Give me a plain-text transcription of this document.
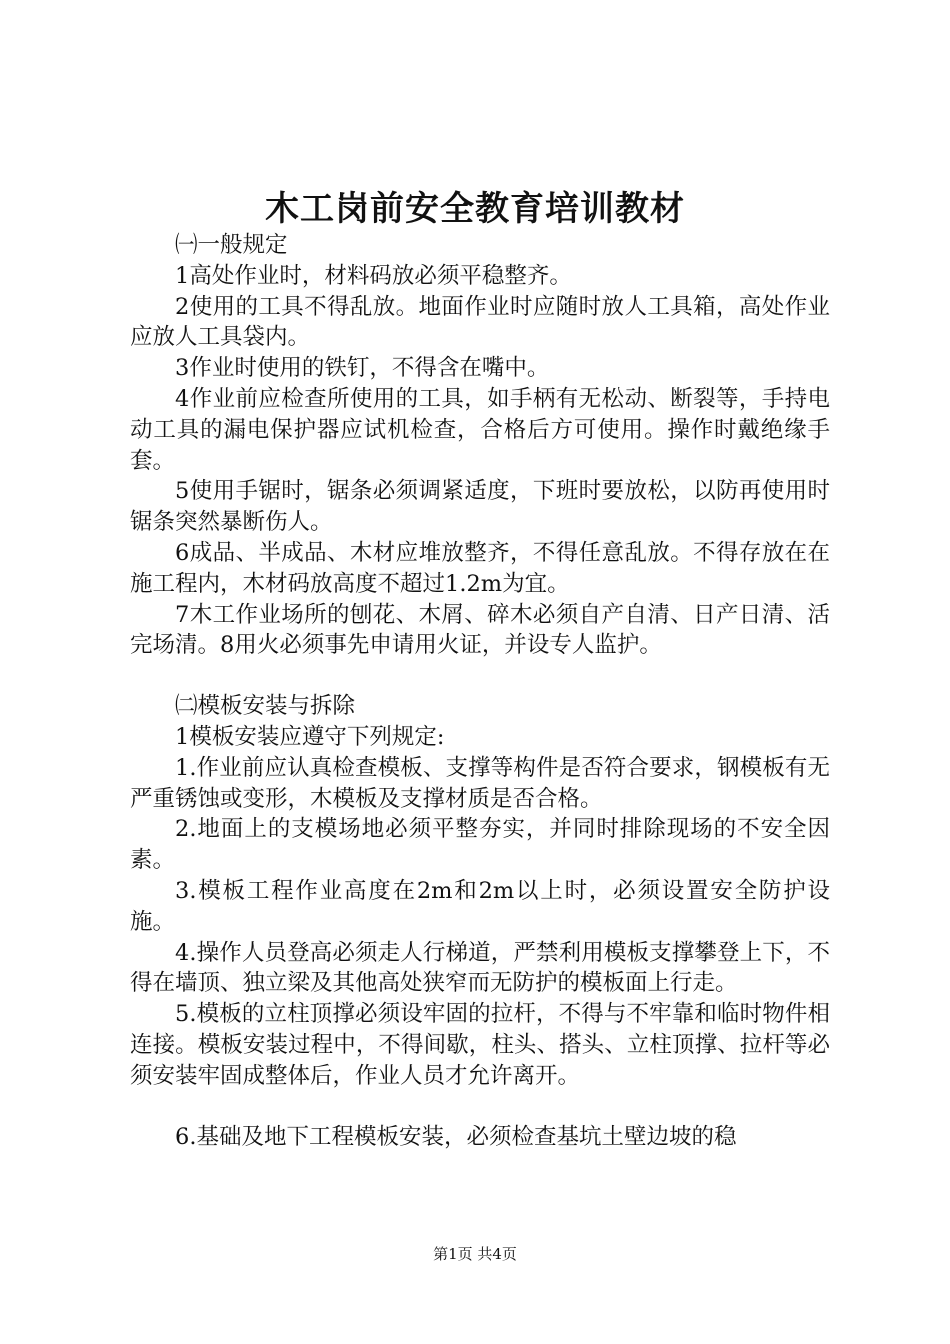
木工岗前安全教育培训教材

㈠一般规定

1高处作业时，材料码放必须平稳整齐。

2使用的工具不得乱放。地面作业时应随时放人工具箱，高处作业应放人工具袋内。

3作业时使用的铁钉，不得含在嘴中。

4作业前应检查所使用的工具，如手柄有无松动、断裂等，手持电动工具的漏电保护器应试机检查，合格后方可使用。操作时戴绝缘手套。

5使用手锯时，锯条必须调紧适度，下班时要放松，以防再使用时锯条突然暴断伤人。

6成品、半成品、木材应堆放整齐，不得任意乱放。不得存放在在施工程内，木材码放高度不超过1.2m为宜。

7木工作业场所的刨花、木屑、碎木必须自产自清、日产日清、活完场清。8用火必须事先申请用火证，并设专人监护。

㈡模板安装与拆除

1模板安装应遵守下列规定:

1.作业前应认真检查模板、支撑等构件是否符合要求，钢模板有无严重锈蚀或变形，木模板及支撑材质是否合格。

2.地面上的支模场地必须平整夯实，并同时排除现场的不安全因素。

3.模板工程作业高度在2m和2m以上时，必须设置安全防护设施。

4.操作人员登高必须走人行梯道，严禁利用模板支撑攀登上下，不得在墙顶、独立梁及其他高处狭窄而无防护的模板面上行走。

5.模板的立柱顶撑必须设牢固的拉杆，不得与不牢靠和临时物件相连接。模板安装过程中，不得间歇，柱头、搭头、立柱顶撑、拉杆等必须安装牢固成整体后，作业人员才允许离开。

6.基础及地下工程模板安装，必须检查基坑土壁边坡的稳

第1页 共4页
